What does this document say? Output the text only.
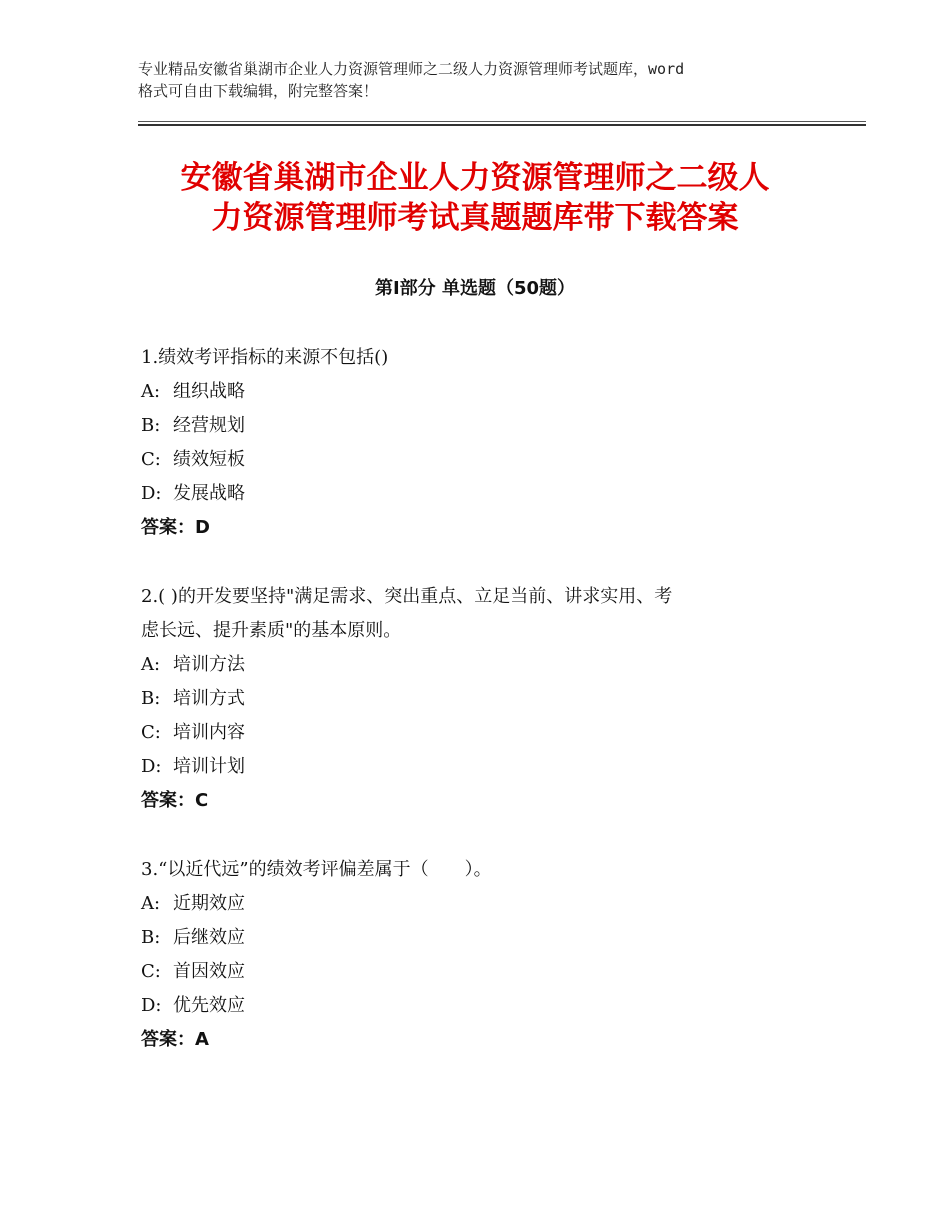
专业精品安徽省巢湖市企业人力资源管理师之二级人力资源管理师考试题库，word
格式可自由下载编辑，附完整答案！
安徽省巢湖市企业人力资源管理师之二级人
力资源管理师考试真题题库带下载答案
第Ⅰ部分 单选题（50题）
1.绩效考评指标的来源不包括()
A: 组织战略
B: 经营规划
C: 绩效短板
D: 发展战略
答案：D
2.( )的开发要坚持"满足需求、突出重点、立足当前、讲求实用、考
虑长远、提升素质"的基本原则。
A: 培训方法
B: 培训方式
C: 培训内容
D: 培训计划
答案：C
3.“以近代远”的绩效考评偏差属于（　　）。
A: 近期效应
B: 后继效应
C: 首因效应
D: 优先效应
答案：A
